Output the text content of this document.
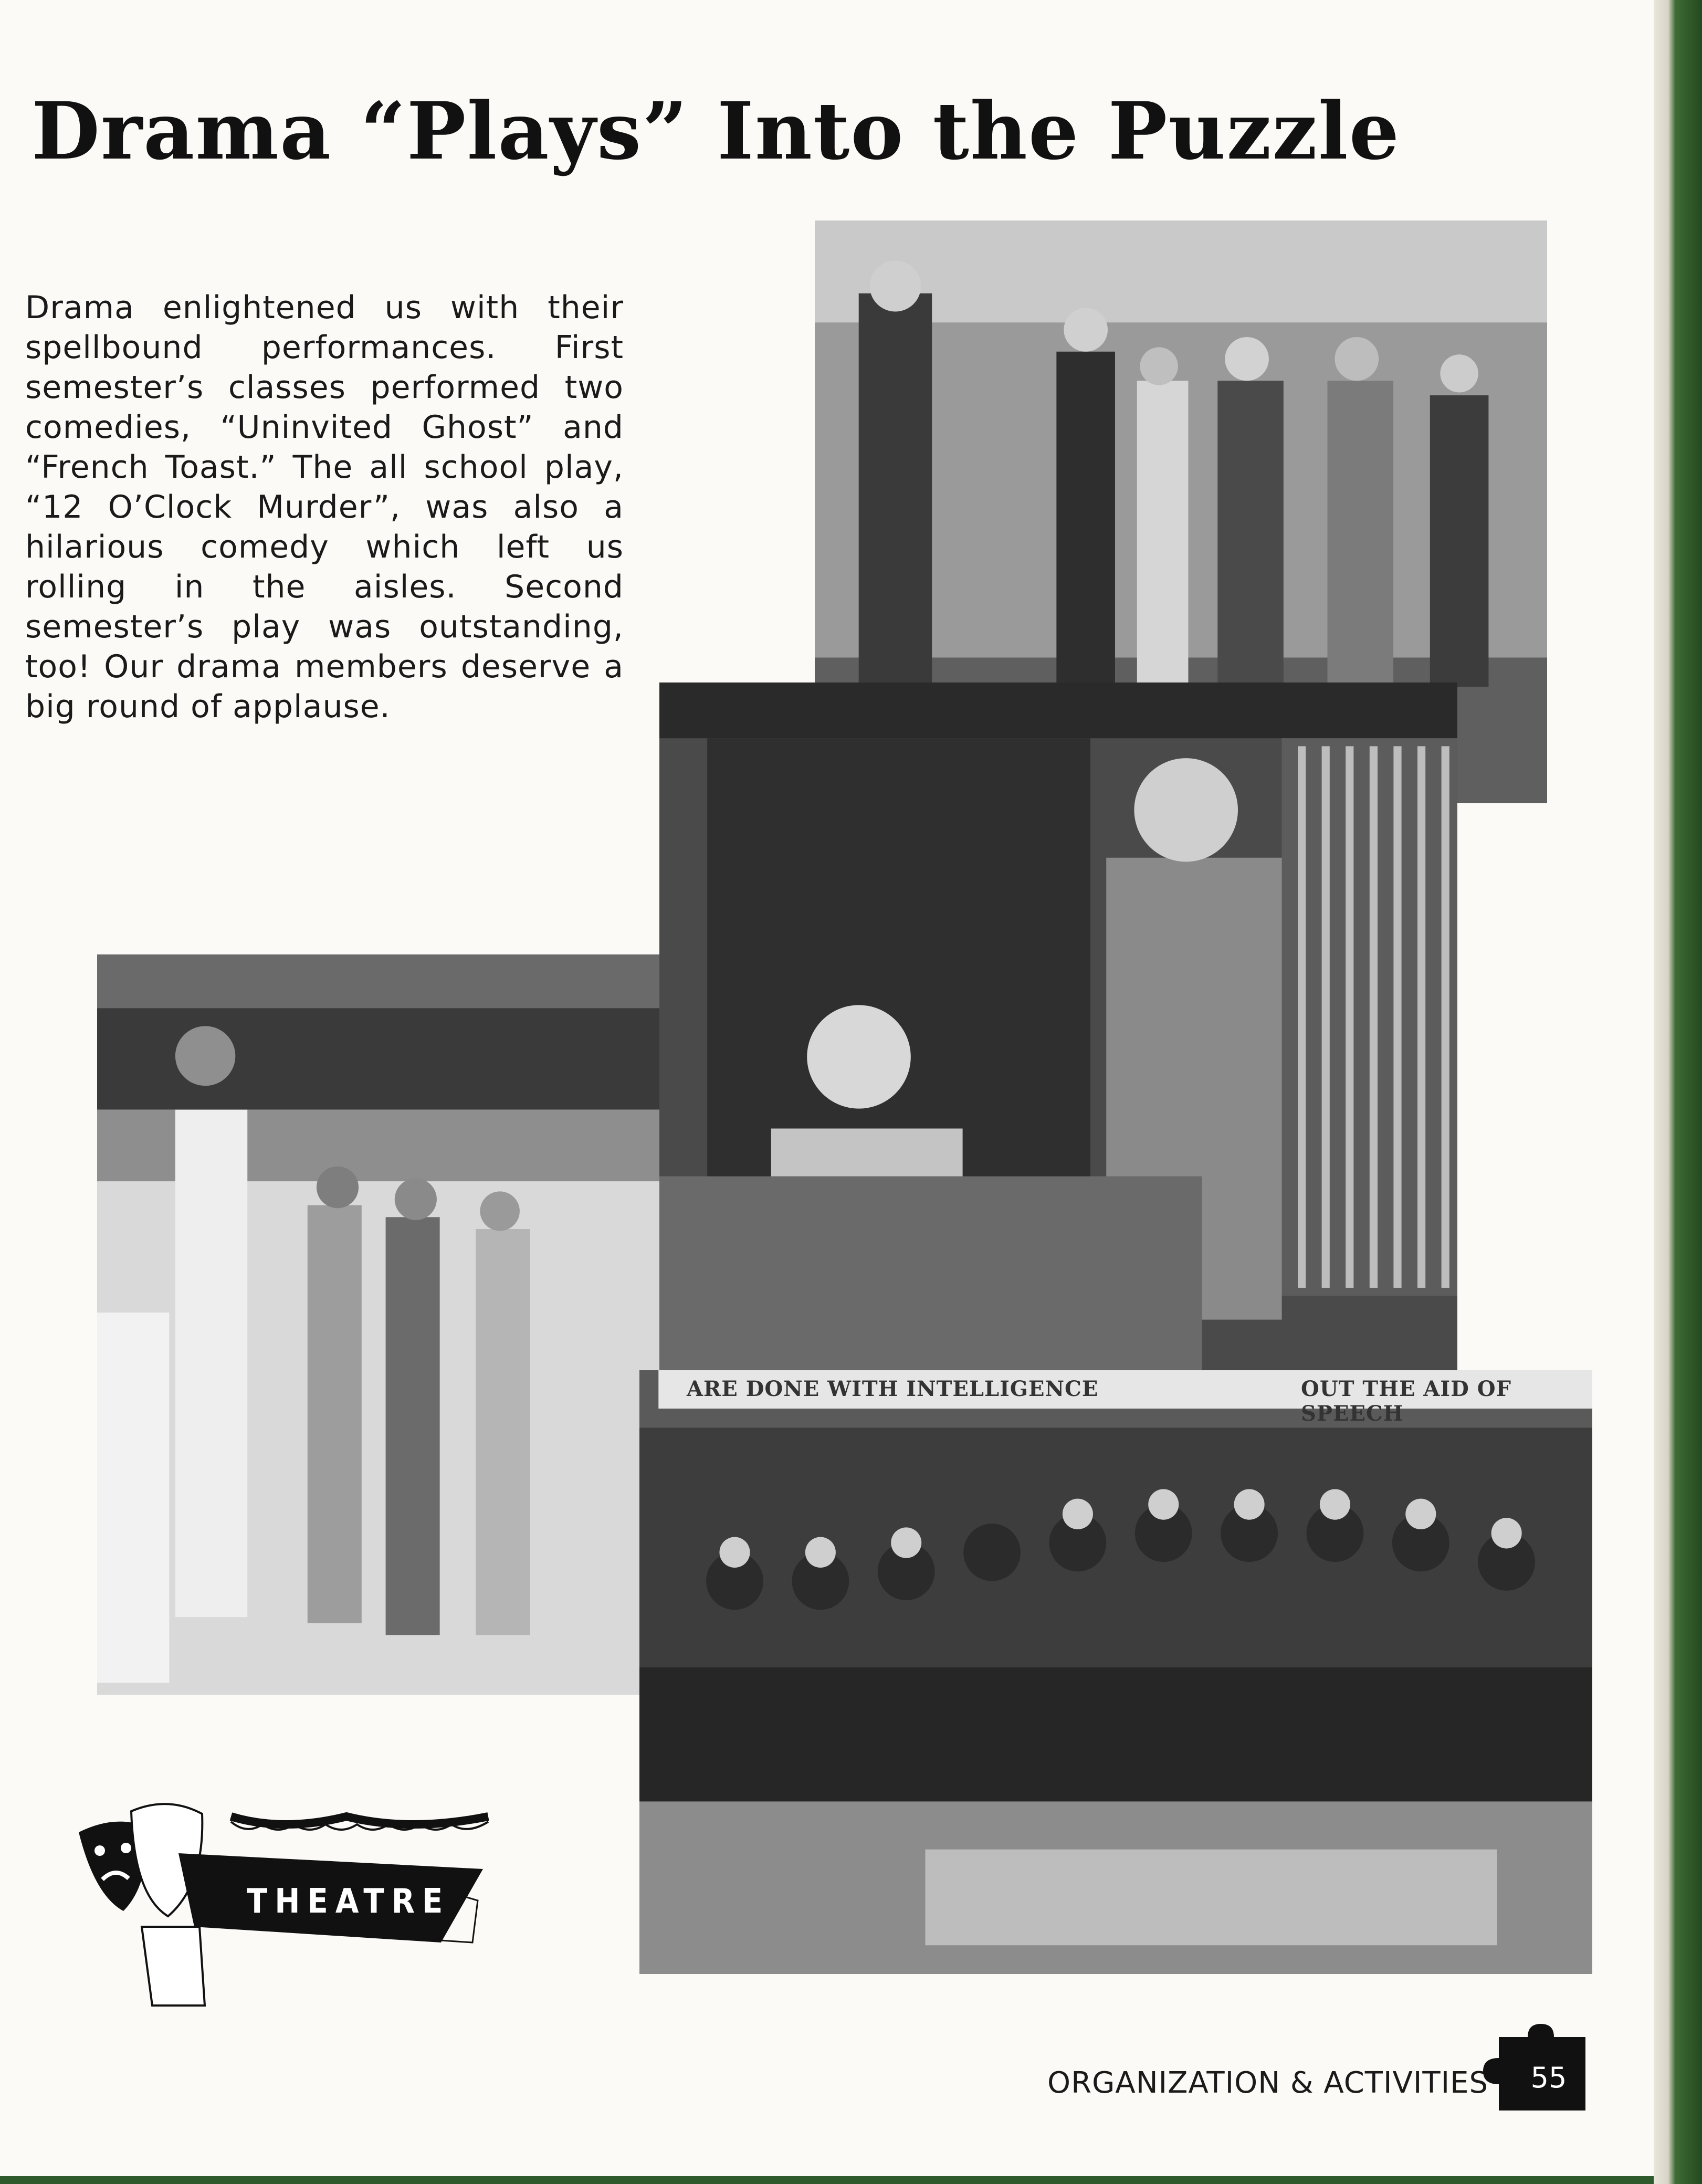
Drama “Plays” Into the Puzzle
Drama enlightened us with their spellbound performances. First semester’s classes performed two comedies, “Uninvited Ghost” and “French Toast.” The all school play, “12 O’Clock Murder”, was also a hilarious comedy which left us rolling in the aisles. Second semester’s play was outstanding, too! Our drama members deserve a big round of applause.
ARE DONE WITH INTELLIGENCE	OUT THE AID OF SPEECH
THEATRE
ORGANIZATION & ACTIVITIES	55
